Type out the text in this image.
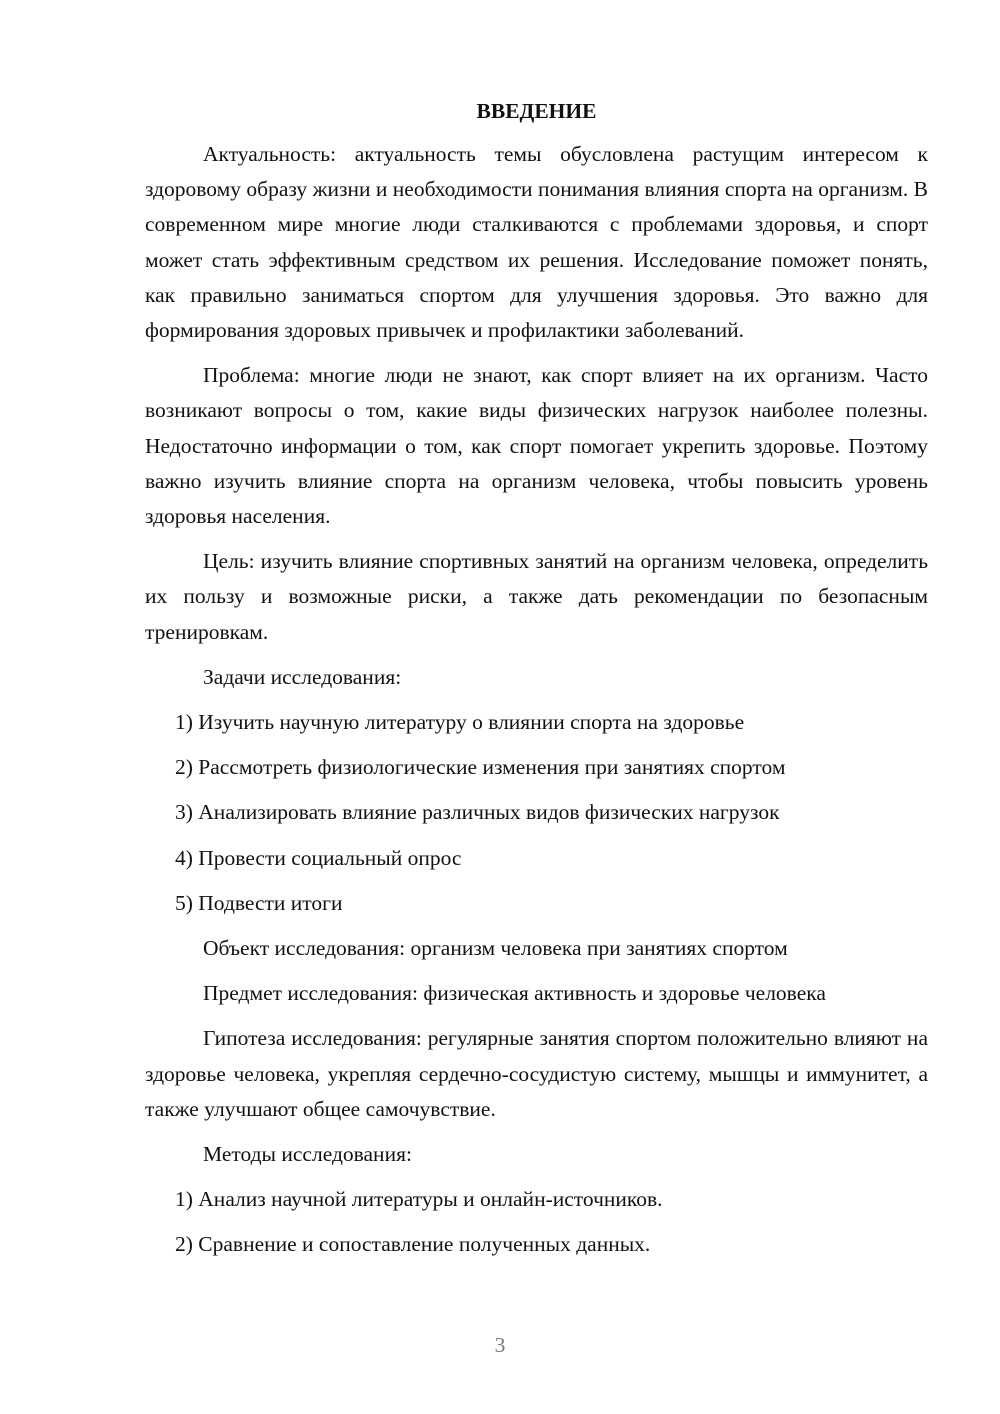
ВВЕДЕНИЕ

Актуальность: актуальность темы обусловлена растущим интересом к здоровому образу жизни и необходимости понимания влияния спорта на организм. В современном мире многие люди сталкиваются с проблемами здоровья, и спорт может стать эффективным средством их решения. Исследование поможет понять, как правильно заниматься спортом для улучшения здоровья. Это важно для формирования здоровых привычек и профилактики заболеваний.

Проблема: многие люди не знают, как спорт влияет на их организм. Часто возникают вопросы о том, какие виды физических нагрузок наиболее полезны. Недостаточно информации о том, как спорт помогает укрепить здоровье. Поэтому важно изучить влияние спорта на организм человека, чтобы повысить уровень здоровья населения.

Цель: изучить влияние спортивных занятий на организм человека, определить их пользу и возможные риски, а также дать рекомендации по безопасным тренировкам.

Задачи исследования:

1) Изучить научную литературу о влиянии спорта на здоровье

2) Рассмотреть физиологические изменения при занятиях спортом

3) Анализировать влияние различных видов физических нагрузок

4) Провести социальный опрос

5) Подвести итоги

Объект исследования: организм человека при занятиях спортом

Предмет исследования: физическая активность и здоровье человека

Гипотеза исследования: регулярные занятия спортом положительно влияют на здоровье человека, укрепляя сердечно-сосудистую систему, мышцы и иммунитет, а также улучшают общее самочувствие.

Методы исследования:

1) Анализ научной литературы и онлайн-источников.

2) Сравнение и сопоставление полученных данных.

3
